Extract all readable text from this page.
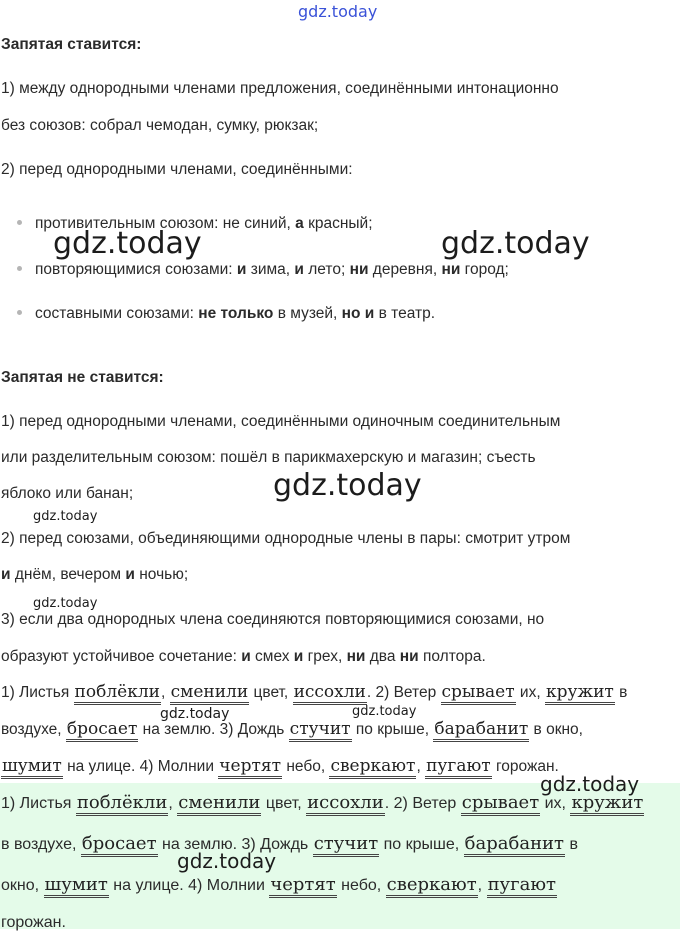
gdz.today
Запятая ставится:
1) между однородными членами предложения, соединёнными интонационно
без союзов: собрал чемодан, сумку, рюкзак;
2) перед однородными членами, соединёнными:
противительным союзом: не синий, а красный;
повторяющимися союзами: и зима, и лето; ни деревня, ни город;
составными союзами: не только в музей, но и в театр.
gdz.today	gdz.today
Запятая не ставится:
1) перед однородными членами, соединёнными одиночным соединительным
или разделительным союзом: пошёл в парикмахерскую и магазин; съесть
яблоко или банан;	gdz.today
gdz.today
2) перед союзами, объединяющими однородные члены в пары: смотрит утром
и днём, вечером и ночью;
gdz.today
3) если два однородных члена соединяются повторяющимися союзами, но
образуют устойчивое сочетание: и смех и грех, ни два ни полтора.
1) Листья поблёкли, сменили цвет, иссохли. 2) Ветер срывает их, кружит в
gdz.today	gdz.today
воздухе, бросает на землю. 3) Дождь стучит по крыше, барабанит в окно,
шумит на улице. 4) Молнии чертят небо, сверкают, пугают горожан.
1) Листья поблёкли, сменили цвет, иссохли. 2) Ветер срывает их, кружит
в воздухе, бросает на землю. 3) Дождь стучит по крыше, барабанит в
окно, шумит на улице. 4) Молнии чертят небо, сверкают, пугают
горожан.
gdz.today
gdz.today
